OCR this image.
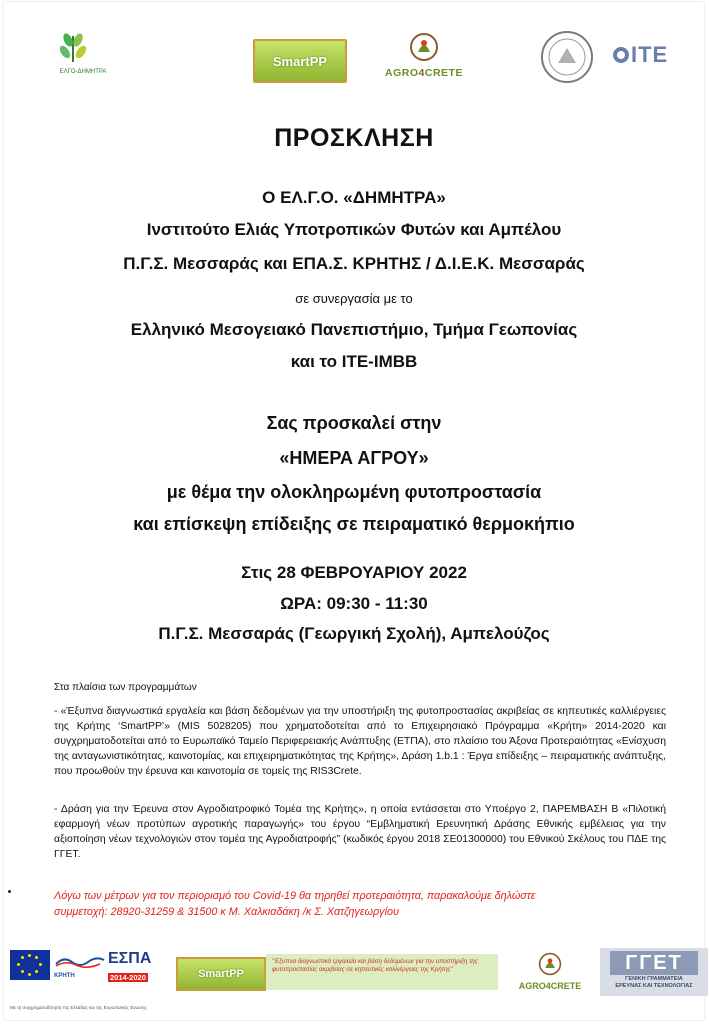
ΕΛΓΟ-ΔΗΜΗΤΡΑ
SmartPP
AGRO4CRETE
ITE
ΠΡΟΣΚΛΗΣΗ
Ο ΕΛ.Γ.Ο. «ΔΗΜΗΤΡΑ»
Ινστιτούτο Ελιάς Υποτροπικών Φυτών και Αμπέλου
Π.Γ.Σ. Μεσσαράς και ΕΠΑ.Σ. ΚΡΗΤΗΣ / Δ.Ι.Ε.Κ. Μεσσαράς
σε συνεργασία με το
Ελληνικό Μεσογειακό Πανεπιστήμιο, Τμήμα Γεωπονίας
και το ΙΤΕ-ΙΜΒΒ
Σας προσκαλεί στην
«ΗΜΕΡΑ ΑΓΡΟΥ»
με θέμα την ολοκληρωμένη φυτοπροστασία
και επίσκεψη επίδειξης σε πειραματικό θερμοκήπιο
Στις 28 ΦΕΒΡΟΥΑΡΙΟΥ 2022
ΩΡΑ: 09:30 - 11:30
Π.Γ.Σ. Μεσσαράς (Γεωργική Σχολή), Αμπελούζος
Στα πλαίσια των προγραμμάτων

- «Έξυπνα διαγνωστικά εργαλεία και βάση δεδομένων για την υποστήριξη της φυτοπροστασίας ακριβείας σε κηπευτικές καλλιέργειες της Κρήτης ‘SmartPP’» (MIS 5028205) που χρηματοδοτείται από το Επιχειρησιακό Πρόγραμμα «Κρήτη» 2014-2020 και συγχρηματοδοτείται από το Ευρωπαϊκό Ταμείο Περιφερειακής Ανάπτυξης (ΕΤΠΑ), στο πλαίσιο του Άξονα Προτεραιότητας «Ενίσχυση της ανταγωνιστικότητας, καινοτομίας, και επιχειρηματικότητας της Κρήτης», Δράση 1.b.1 : Έργα επίδειξης – πειραματικής ανάπτυξης, που προωθούν την έρευνα και καινοτομία σε τομείς της RIS3Crete.

- Δράση για την Έρευνα στον Αγροδιατροφικό Τομέα της Κρήτης», η οποία εντάσσεται στο Υποέργο 2, ΠΑΡΕΜΒΑΣΗ Β «Πιλοτική εφαρμογή νέων προτύπων αγροτικής παραγωγής» του έργου “Εμβληματική Ερευνητική Δράσης Εθνικής εμβέλειας για την αξιοποίηση νέων τεχνολογιών στον τομέα της Αγροδιατροφής” (κωδικός έργου 2018 ΣΕ01300000) του Εθνικού Σκέλους του ΠΔΕ της ΓΓΕΤ.

Λόγω των μέτρων για τον περιορισμό του Covid-19 θα τηρηθεί προτεραιότητα, παρακαλούμε δηλώστε
συμμετοχή: 28920-31259 & 31500 κ Μ. Χαλκιαδάκη /κ Σ. Χατζηγεωργίου
Με τη συγχρηματοδότηση της Ελλάδας και της Ευρωπαϊκής Ένωσης
ΚΡΗΤΗ
ΕΣΠΑ
2014-2020	SmartPP
"Έξυπνα διαγνωστικά εργαλεία και βάση δεδομένων για την υποστήριξη της φυτοπροστασίας ακριβείας σε κηπευτικές καλλιέργειες της Κρήτης"
AGRO4CRETE
ΓΓΕΤ
ΓΕΝΙΚΗ ΓΡΑΜΜΑΤΕΙΑ
ΕΡΕΥΝΑΣ ΚΑΙ ΤΕΧΝΟΛΟΓΙΑΣ
